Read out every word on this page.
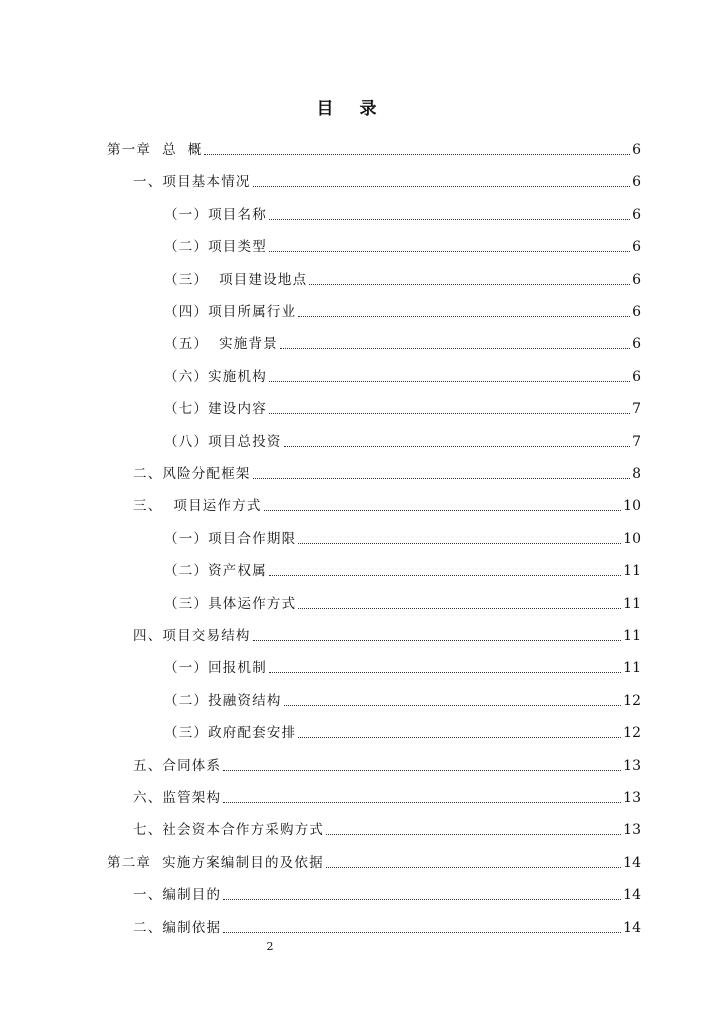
目 录
第一章  总  概	6
一、项目基本情况	6
（一）项目名称	6
（二）项目类型	6
（三）  项目建设地点	6
（四）项目所属行业	6
（五）  实施背景	6
（六）实施机构	6
（七）建设内容	7
（八）项目总投资	7
二、风险分配框架	8
三、  项目运作方式	10
（一）项目合作期限	10
（二）资产权属	11
（三）具体运作方式	11
四、项目交易结构	11
（一）回报机制	11
（二）投融资结构	12
（三）政府配套安排	12
五、合同体系	13
六、监管架构	13
七、社会资本合作方采购方式	13
第二章  实施方案编制目的及依据	14
一、编制目的	14
二、编制依据	14
2
